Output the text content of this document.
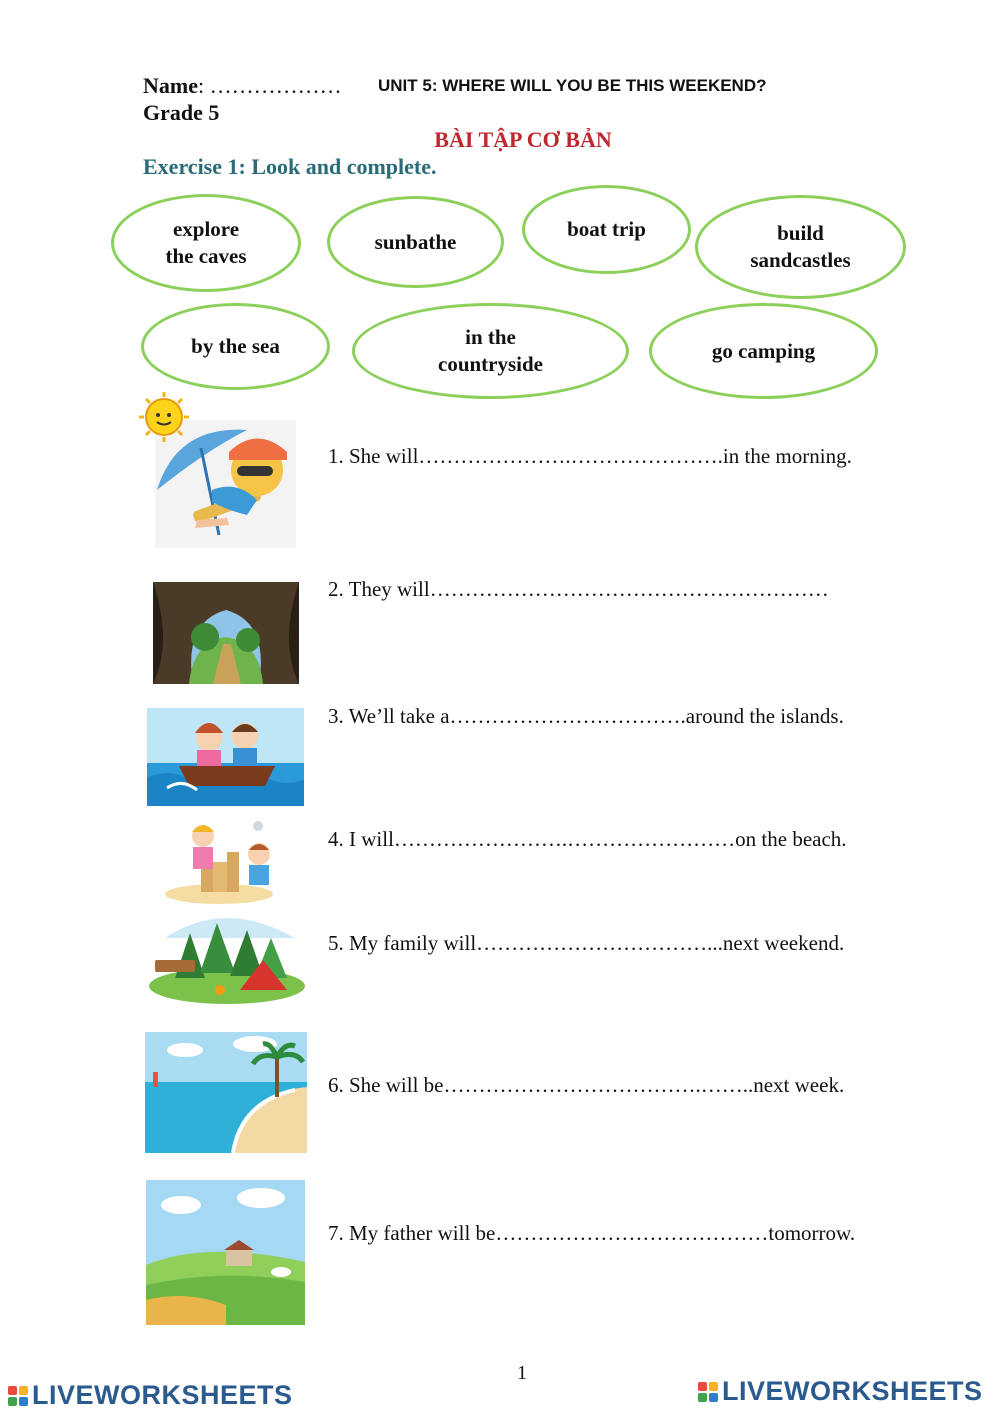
Name: ……………… UNIT 5: WHERE WILL YOU BE THIS WEEKEND?
Grade 5
BÀI TẬP CƠ BẢN
Exercise 1: Look and complete.
explore
the caves
sunbathe
boat trip	build
sandcastles
by the sea	in the
countryside
go camping
1. She will………………….………………….in the morning.
2. They will…………………………………………………
3. We’ll take a…………………………….around the islands.
4. I will…………………….……………………on the beach.
5. My family will……………………………...next weekend.
6. She will be……………………………….……..next week.
7. My father will be…………………………………tomorrow.
1
LIVEWORKSHEETS	LIVEWORKSHEETS
